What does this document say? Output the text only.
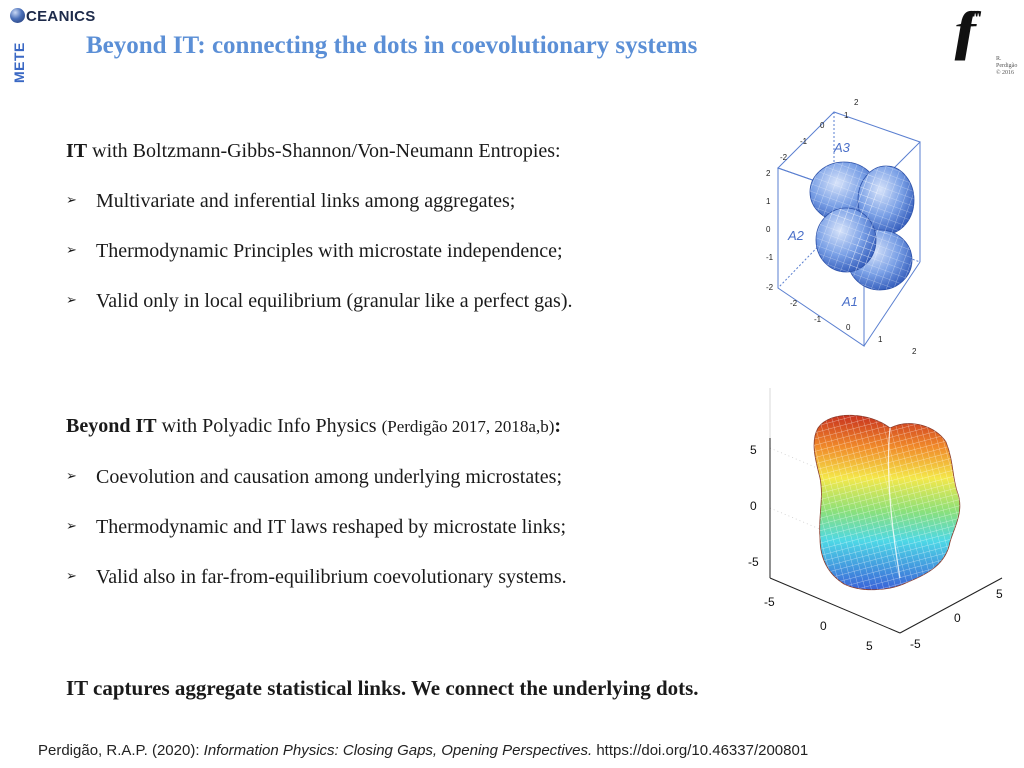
METE
CEANICS
Beyond IT: connecting the dots in coevolutionary systems	fff	R. Perdigão
© 2016
IT with Boltzmann-Gibbs-Shannon/Von-Neumann Entropies:
➢ Multivariate and inferential links among aggregates;
➢ Thermodynamic Principles with microstate independence;
➢ Valid only in local equilibrium (granular like a perfect gas).
Beyond IT with Polyadic Info Physics (Perdigão 2017, 2018a,b):
➢ Coevolution and causation among underlying microstates;
➢ Thermodynamic and IT laws reshaped by microstate links;
➢ Valid also in far-from-equilibrium coevolutionary systems.
A3
A2
A1
2
1
0
-1
-2
2
1
0
-1
-2
-2
-1
0
1
2
5
0
-5
-5
0
5	-5
0
5
IT captures aggregate statistical links. We connect the underlying dots.
Perdigão, R.A.P. (2020): Information Physics: Closing Gaps, Opening Perspectives. https://doi.org/10.46337/200801
